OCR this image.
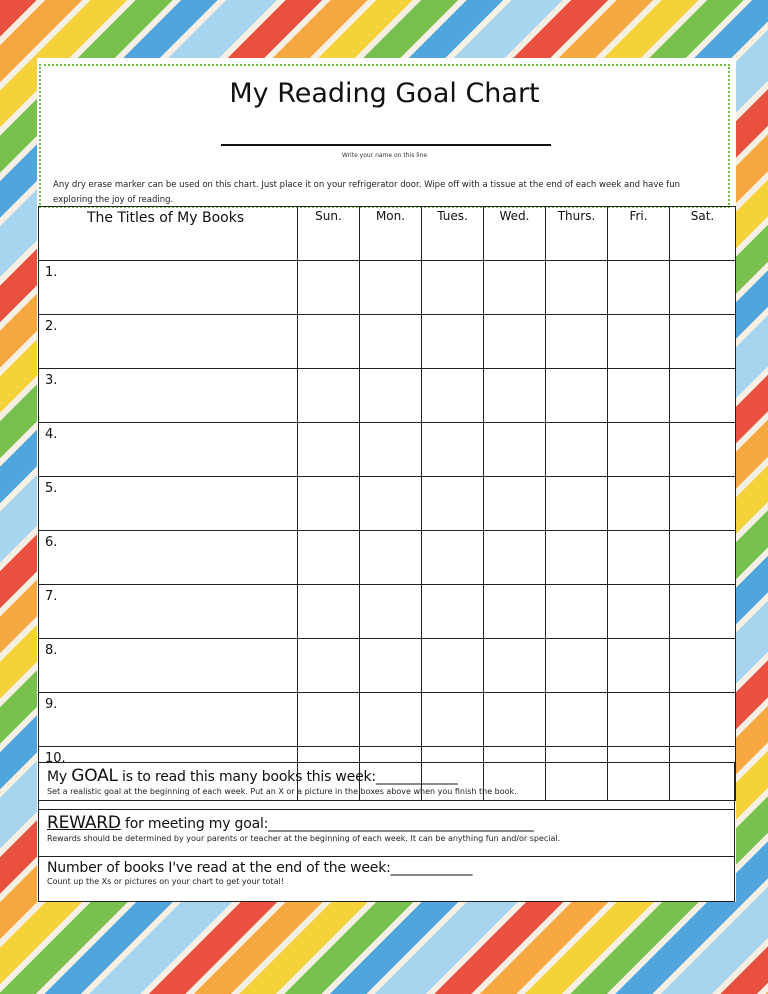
My Reading Goal Chart
Write your name on this line
Any dry erase marker can be used on this chart. Just place it on your refrigerator door. Wipe off with a tissue at the end of each week and have fun exploring the joy of reading.
The Titles of My Books	Sun.	Mon.	Tues.	Wed.	Thurs.	Fri.	Sat.
1.							
2.							
3.							
4.							
5.							
6.							
7.							
8.							
9.							
10.							
My GOAL is to read this many books this week:____________
Set a realistic goal at the beginning of each week. Put an X or a picture in the boxes above when you finish the book.
REWARD for meeting my goal:_______________________________________
Rewards should be determined by your parents or teacher at the beginning of each week. It can be anything fun and/or special.
Number of books I've read at the end of the week:____________
Count up the Xs or pictures on your chart to get your total!
